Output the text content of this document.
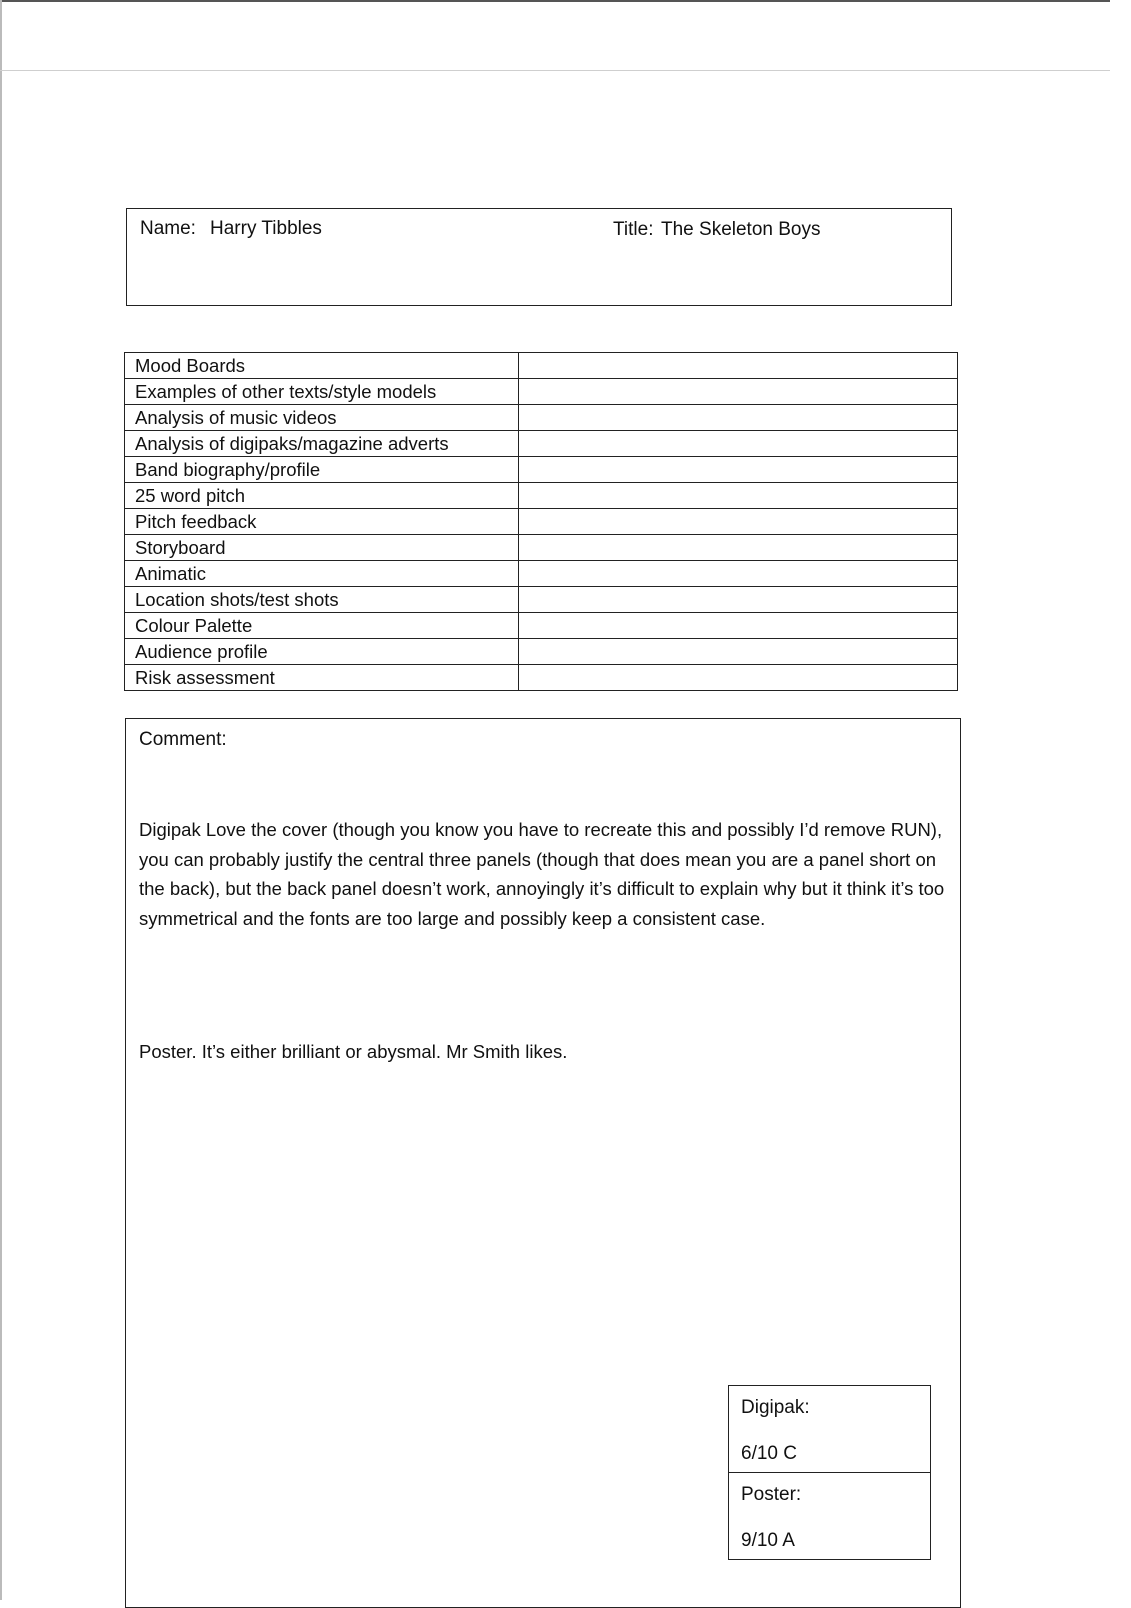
Name: Harry Tibbles	Title: The Skeleton Boys
Mood Boards	
Examples of other texts/style models	
Analysis of music videos	
Analysis of digipaks/magazine adverts	
Band biography/profile	
25 word pitch	
Pitch feedback	
Storyboard	
Animatic	
Location shots/test shots	
Colour Palette	
Audience profile	
Risk assessment	
Comment:
Digipak Love the cover (though you know you have to recreate this and possibly I’d remove RUN), you can probably justify the central three panels (though that does mean you are a panel short on the back), but the back panel doesn’t work, annoyingly it’s difficult to explain why but it think it’s too symmetrical and the fonts are too large and possibly keep a consistent case.
Poster. It’s either brilliant or abysmal. Mr Smith likes.
Digipak:
6/10 C
Poster:
9/10 A
